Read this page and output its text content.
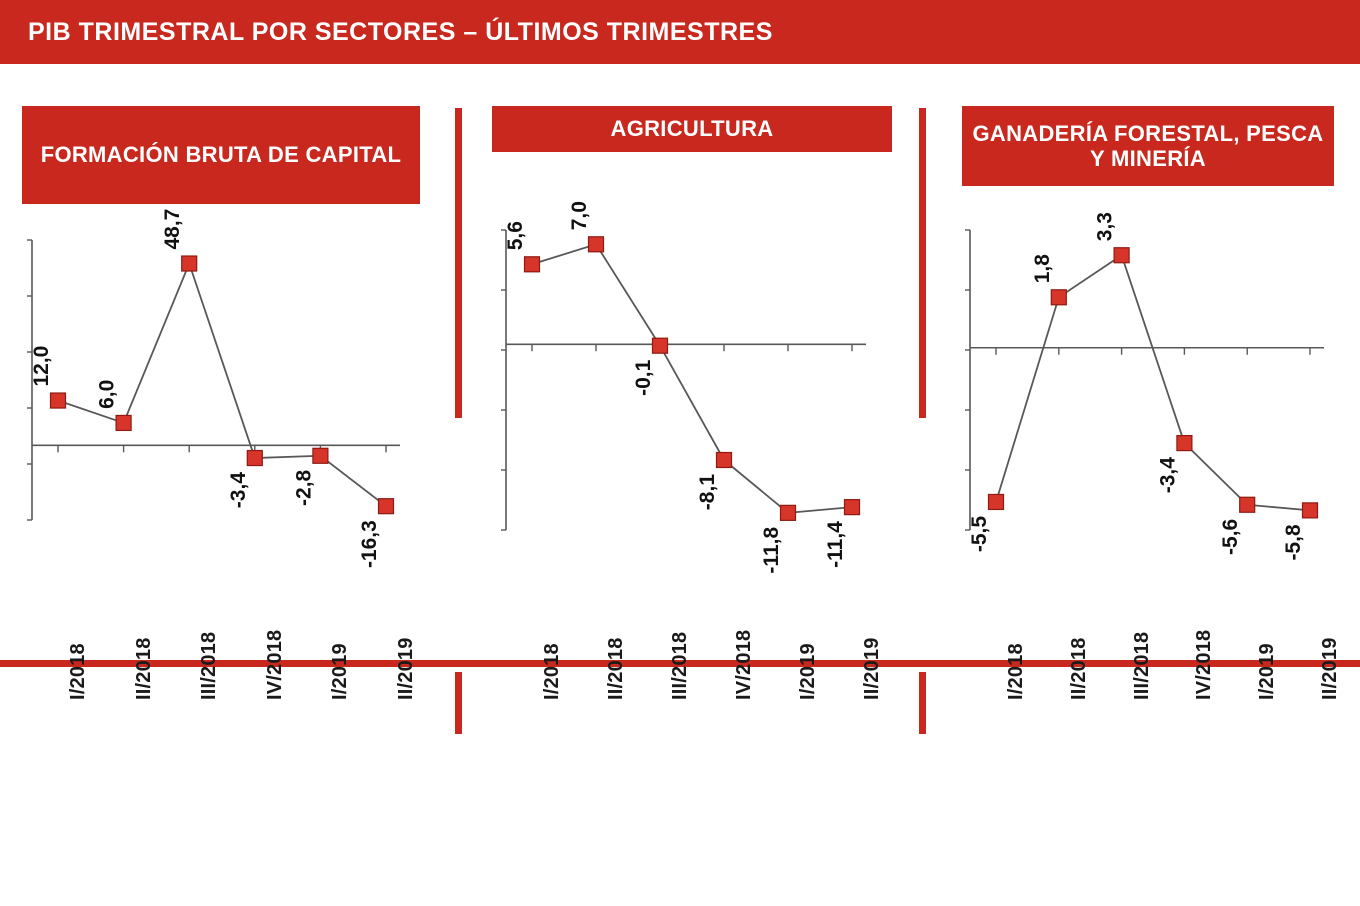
PIB TRIMESTRAL POR SECTORES – ÚLTIMOS TRIMESTRES
FORMACIÓN BRUTA DE CAPITAL
12,0
6,0
48,7
-3,4 -2,8
-16,3
AGRICULTURA
5,6
7,0
-0,1
-8,1
-11,8 -11,4
GANADERÍA FORESTAL, PESCA Y MINERÍA
-5,5
1,8
3,3
-3,4
-5,6 -5,8
I/2018 II/2018 III/2018 IV/2018 I/2019 II/2019	I/2018 II/2018 III/2018 IV/2018 I/2019 II/2019	I/2018 II/2018 III/2018 IV/2018 I/2019 II/2019
